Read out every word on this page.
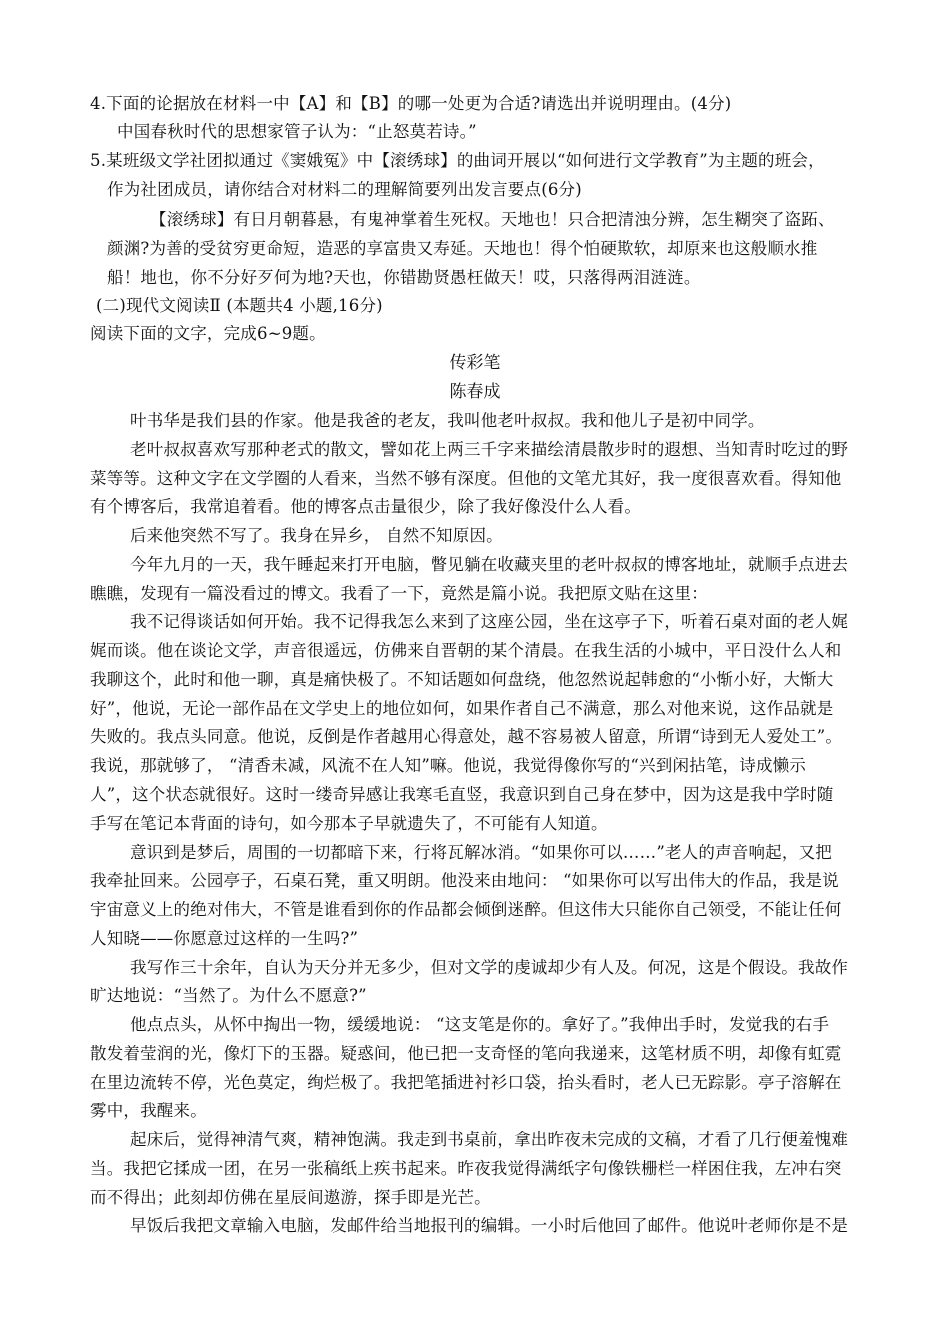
4.下面的论据放在材料一中【A】和【B】的哪一处更为合适?请选出并说明理由。(4分)
中国春秋时代的思想家管子认为：“止怒莫若诗。”
5.某班级文学社团拟通过《窦娥冤》中【滚绣球】的曲词开展以“如何进行文学教育”为主题的班会，
作为社团成员，请你结合对材料二的理解简要列出发言要点(6分)
【滚绣球】有日月朝暮悬，有鬼神掌着生死权。天地也！只合把清浊分辨，怎生糊突了盗跖、
颜渊?为善的受贫穷更命短，造恶的享富贵又寿延。天地也！得个怕硬欺软，却原来也这般顺水推
船！地也，你不分好歹何为地?天也，你错勘贤愚枉做天！哎，只落得两泪涟涟。
(二)现代文阅读Ⅱ (本题共4 小题,16分)
阅读下面的文字，完成6~9题。
传彩笔
陈春成
叶书华是我们县的作家。他是我爸的老友，我叫他老叶叔叔。我和他儿子是初中同学。
老叶叔叔喜欢写那种老式的散文，譬如花上两三千字来描绘清晨散步时的遐想、当知青时吃过的野
菜等等。这种文字在文学圈的人看来，当然不够有深度。但他的文笔尤其好，我一度很喜欢看。得知他
有个博客后，我常追着看。他的博客点击量很少，除了我好像没什么人看。
后来他突然不写了。我身在异乡， 自然不知原因。
今年九月的一天，我午睡起来打开电脑，瞥见躺在收藏夹里的老叶叔叔的博客地址，就顺手点进去
瞧瞧，发现有一篇没看过的博文。我看了一下，竟然是篇小说。我把原文贴在这里：
我不记得谈话如何开始。我不记得我怎么来到了这座公园，坐在这亭子下，听着石桌对面的老人娓
娓而谈。他在谈论文学，声音很遥远，仿佛来自晋朝的某个清晨。在我生活的小城中，平日没什么人和
我聊这个，此时和他一聊，真是痛快极了。不知话题如何盘绕，他忽然说起韩愈的“小惭小好，大惭大
好”，他说，无论一部作品在文学史上的地位如何，如果作者自己不满意，那么对他来说，这作品就是
失败的。我点头同意。他说，反倒是作者越用心得意处，越不容易被人留意，所谓“诗到无人爱处工”。
我说，那就够了， “清香未减，风流不在人知”嘛。他说，我觉得像你写的“兴到闲拈笔，诗成懒示
人”，这个状态就很好。这时一缕奇异感让我寒毛直竖，我意识到自己身在梦中，因为这是我中学时随
手写在笔记本背面的诗句，如今那本子早就遗失了，不可能有人知道。
意识到是梦后，周围的一切都暗下来，行将瓦解冰消。“如果你可以……”老人的声音响起，又把
我牵扯回来。公园亭子，石桌石凳，重又明朗。他没来由地问： “如果你可以写出伟大的作品，我是说
宇宙意义上的绝对伟大，不管是谁看到你的作品都会倾倒迷醉。但这伟大只能你自己领受，不能让任何
人知晓——你愿意过这样的一生吗?”
我写作三十余年，自认为天分并无多少，但对文学的虔诚却少有人及。何况，这是个假设。我故作
旷达地说：“当然了。为什么不愿意?”
他点点头，从怀中掏出一物，缓缓地说： “这支笔是你的。拿好了。”我伸出手时，发觉我的右手
散发着莹润的光，像灯下的玉器。疑惑间，他已把一支奇怪的笔向我递来，这笔材质不明，却像有虹霓
在里边流转不停，光色莫定，绚烂极了。我把笔插进衬衫口袋，抬头看时，老人已无踪影。亭子溶解在
雾中，我醒来。
起床后，觉得神清气爽，精神饱满。我走到书桌前，拿出昨夜未完成的文稿，才看了几行便羞愧难
当。我把它揉成一团，在另一张稿纸上疾书起来。昨夜我觉得满纸字句像铁栅栏一样困住我，左冲右突
而不得出；此刻却仿佛在星辰间遨游，探手即是光芒。
早饭后我把文章输入电脑，发邮件给当地报刊的编辑。一小时后他回了邮件。他说叶老师你是不是
